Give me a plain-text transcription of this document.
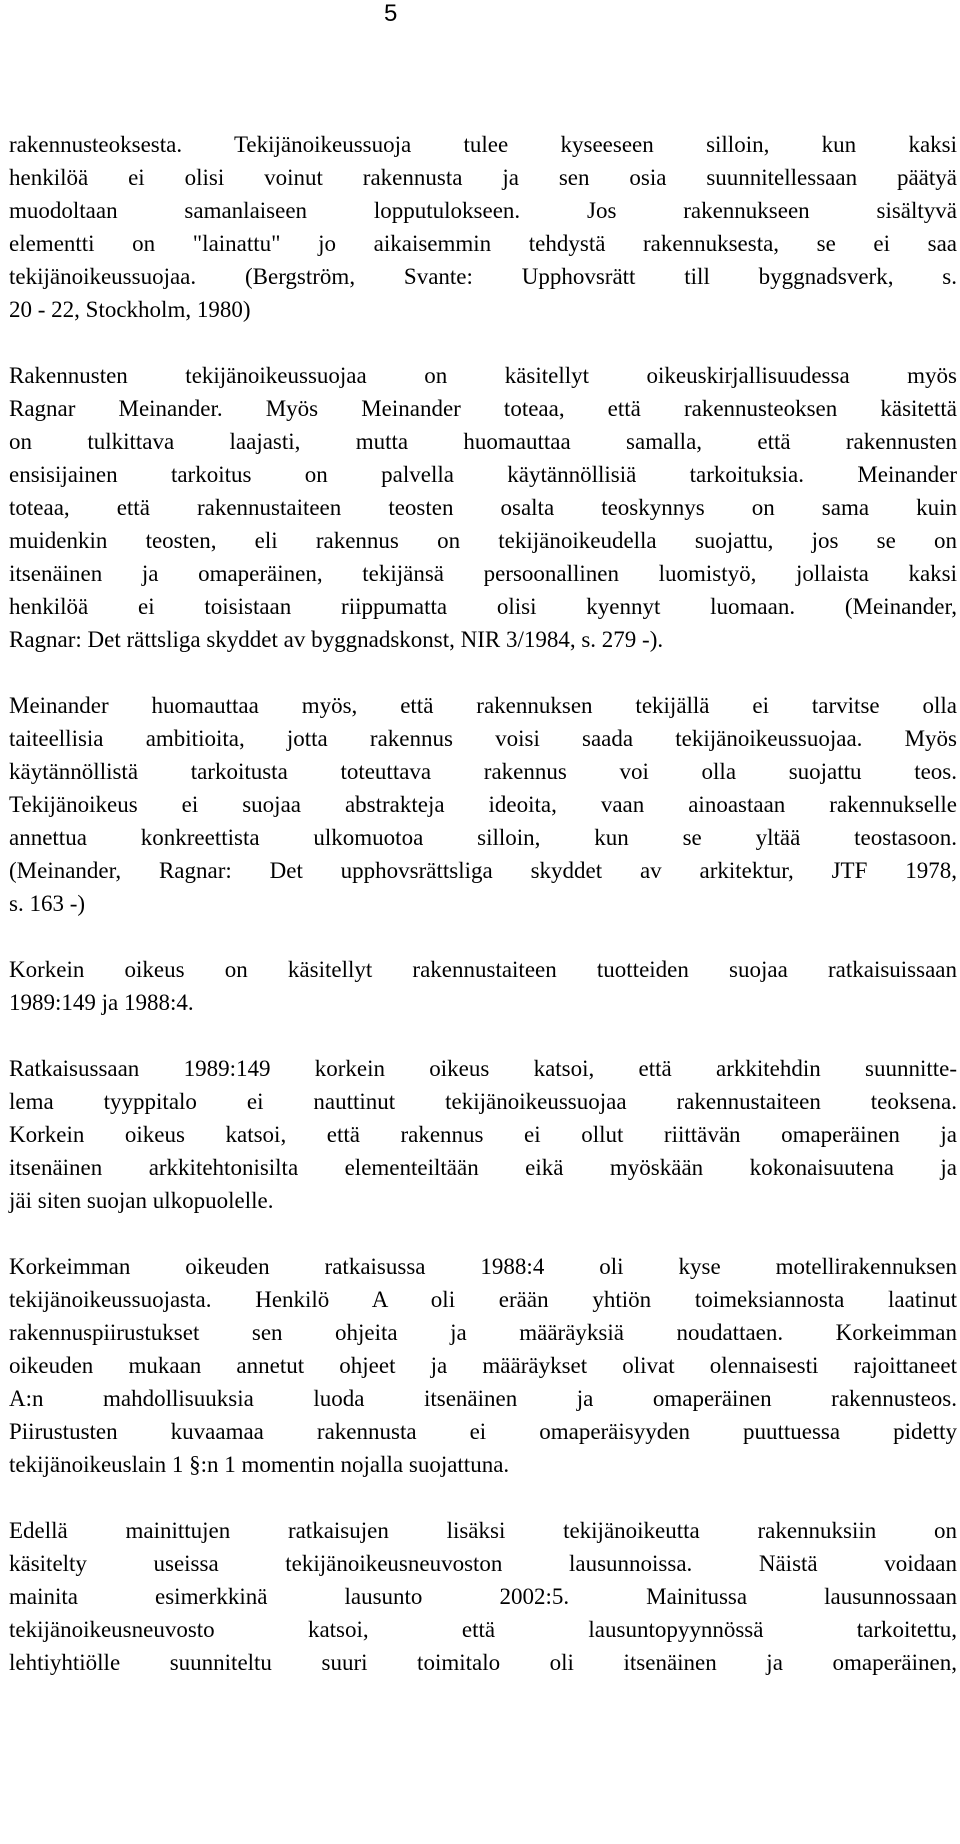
5
rakennusteoksesta. Tekijänoikeussuoja tulee kyseeseen silloin, kun kaksi
henkilöä ei olisi voinut rakennusta ja sen osia suunnitellessaan päätyä
muodoltaan samanlaiseen lopputulokseen. Jos rakennukseen sisältyvä
elementti on "lainattu" jo aikaisemmin tehdystä rakennuksesta, se ei saa
tekijänoikeussuojaa. (Bergström, Svante: Upphovsrätt till byggnadsverk, s.
20 - 22, Stockholm, 1980)
Rakennusten tekijänoikeussuojaa on käsitellyt oikeuskirjallisuudessa myös
Ragnar Meinander. Myös Meinander toteaa, että rakennusteoksen käsitettä
on tulkittava laajasti, mutta huomauttaa samalla, että rakennusten
ensisijainen tarkoitus on palvella käytännöllisiä tarkoituksia. Meinander
toteaa, että rakennustaiteen teosten osalta teoskynnys on sama kuin
muidenkin teosten, eli rakennus on tekijänoikeudella suojattu, jos se on
itsenäinen ja omaperäinen, tekijänsä persoonallinen luomistyö, jollaista kaksi
henkilöä ei toisistaan riippumatta olisi kyennyt luomaan. (Meinander,
Ragnar: Det rättsliga skyddet av byggnadskonst, NIR 3/1984, s. 279 -).
Meinander huomauttaa myös, että rakennuksen tekijällä ei tarvitse olla
taiteellisia ambitioita, jotta rakennus voisi saada tekijänoikeussuojaa. Myös
käytännöllistä tarkoitusta toteuttava rakennus voi olla suojattu teos.
Tekijänoikeus ei suojaa abstrakteja ideoita, vaan ainoastaan rakennukselle
annettua konkreettista ulkomuotoa silloin, kun se yltää teostasoon.
(Meinander, Ragnar: Det upphovsrättsliga skyddet av arkitektur, JTF 1978,
s. 163 -)
Korkein oikeus on käsitellyt rakennustaiteen tuotteiden suojaa ratkaisuissaan
1989:149 ja 1988:4.
Ratkaisussaan 1989:149 korkein oikeus katsoi, että arkkitehdin suunnitte-
lema tyyppitalo ei nauttinut tekijänoikeussuojaa rakennustaiteen teoksena.
Korkein oikeus katsoi, että rakennus ei ollut riittävän omaperäinen ja
itsenäinen arkkitehtonisilta elementeiltään eikä myöskään kokonaisuutena ja
jäi siten suojan ulkopuolelle.
Korkeimman oikeuden ratkaisussa 1988:4 oli kyse motellirakennuksen
tekijänoikeussuojasta. Henkilö A oli erään yhtiön toimeksiannosta laatinut
rakennuspiirustukset sen ohjeita ja määräyksiä noudattaen. Korkeimman
oikeuden mukaan annetut ohjeet ja määräykset olivat olennaisesti rajoittaneet
A:n mahdollisuuksia luoda itsenäinen ja omaperäinen rakennusteos.
Piirustusten kuvaamaa rakennusta ei omaperäisyyden puuttuessa pidetty
tekijänoikeuslain 1 §:n 1 momentin nojalla suojattuna.
Edellä mainittujen ratkaisujen lisäksi tekijänoikeutta rakennuksiin on
käsitelty useissa tekijänoikeusneuvoston lausunnoissa. Näistä voidaan
mainita esimerkkinä lausunto 2002:5. Mainitussa lausunnossaan
tekijänoikeusneuvosto katsoi, että lausuntopyynnössä tarkoitettu,
lehtiyhtiölle suunniteltu suuri toimitalo oli itsenäinen ja omaperäinen,
